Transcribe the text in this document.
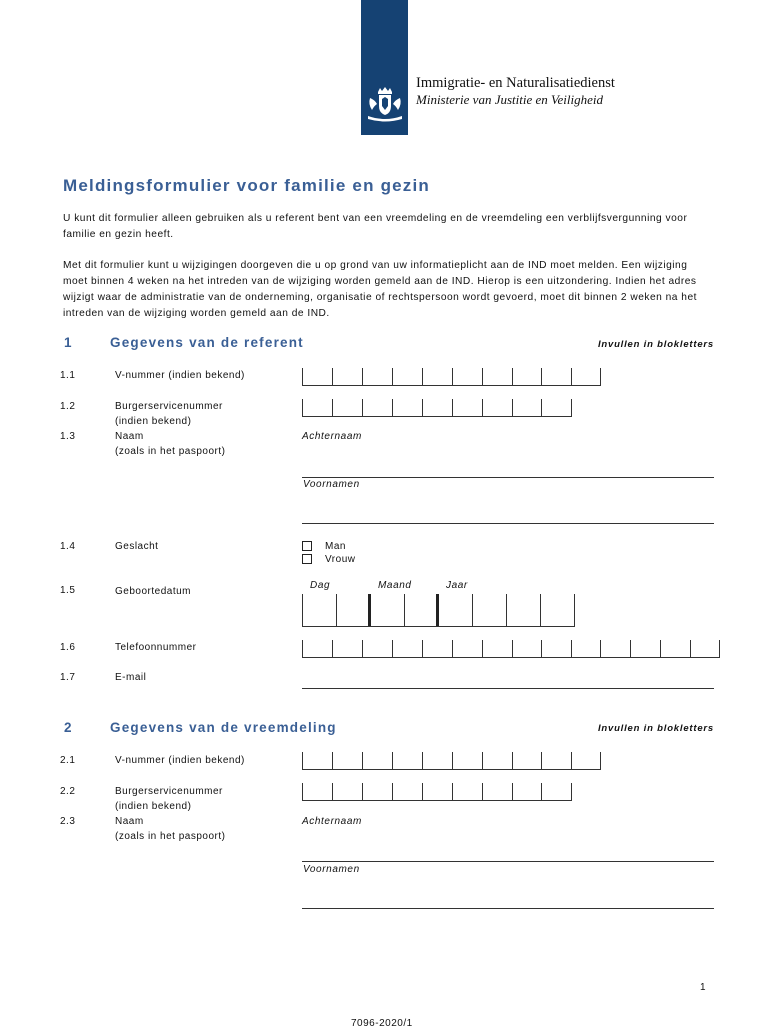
Immigratie- en Naturalisatiedienst
Ministerie van Justitie en Veiligheid
Meldingsformulier voor familie en gezin
U kunt dit formulier alleen gebruiken als u referent bent van een vreemdeling en de vreemdeling een verblijfsvergunning voor familie en gezin heeft.
Met dit formulier kunt u wijzigingen doorgeven die u op grond van uw informatieplicht aan de IND moet melden. Een wijziging moet binnen 4 weken na het intreden van de wijziging worden gemeld aan de IND. Hierop is een uitzondering. Indien het adres wijzigt waar de administratie van de onderneming, organisatie of rechtspersoon wordt gevoerd, moet dit binnen 2 weken na het intreden van de wijziging worden gemeld aan de IND.
1	Gegevens van de referent	Invullen in blokletters
1.1	V-nummer (indien bekend)
1.2	Burgerservicenummer
(indien bekend)
1.3	Naam
(zoals in het paspoort)
Achternaam
Voornamen
1.4	Geslacht	Man
Vrouw
1.5	Geboortedatum
Dag	Maand	Jaar
1.6	Telefoonnummer
1.7	E-mail
2	Gegevens van de vreemdeling	Invullen in blokletters
2.1	V-nummer (indien bekend)
2.2	Burgerservicenummer
(indien bekend)
2.3	Naam
(zoals in het paspoort)
Achternaam
Voornamen
1
7096-2020/1
